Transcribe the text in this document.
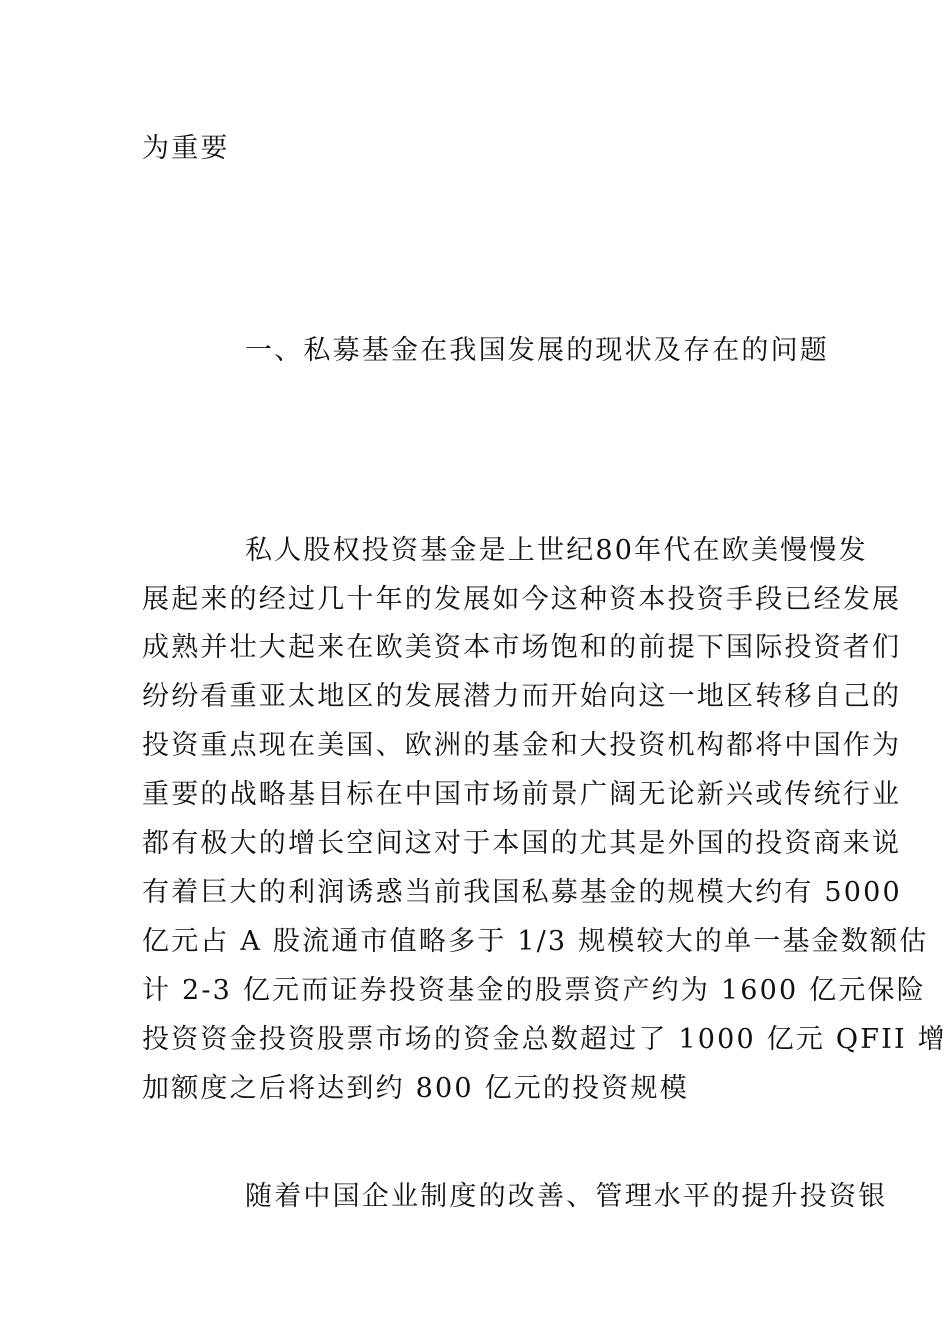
为重要
一、私募基金在我国发展的现状及存在的问题
私人股权投资基金是上世纪80年代在欧美慢慢发
展起来的经过几十年的发展如今这种资本投资手段已经发展
成熟并壮大起来在欧美资本市场饱和的前提下国际投资者们
纷纷看重亚太地区的发展潜力而开始向这一地区转移自己的
投资重点现在美国、欧洲的基金和大投资机构都将中国作为
重要的战略基目标在中国市场前景广阔无论新兴或传统行业
都有极大的增长空间这对于本国的尤其是外国的投资商来说
有着巨大的利润诱惑当前我国私募基金的规模大约有 5000
亿元占 A 股流通市值略多于 1/3 规模较大的单一基金数额估
计 2-3 亿元而证券投资基金的股票资产约为 1600 亿元保险
投资资金投资股票市场的资金总数超过了 1000 亿元 QFII 增
加额度之后将达到约 800 亿元的投资规模
随着中国企业制度的改善、管理水平的提升投资银
